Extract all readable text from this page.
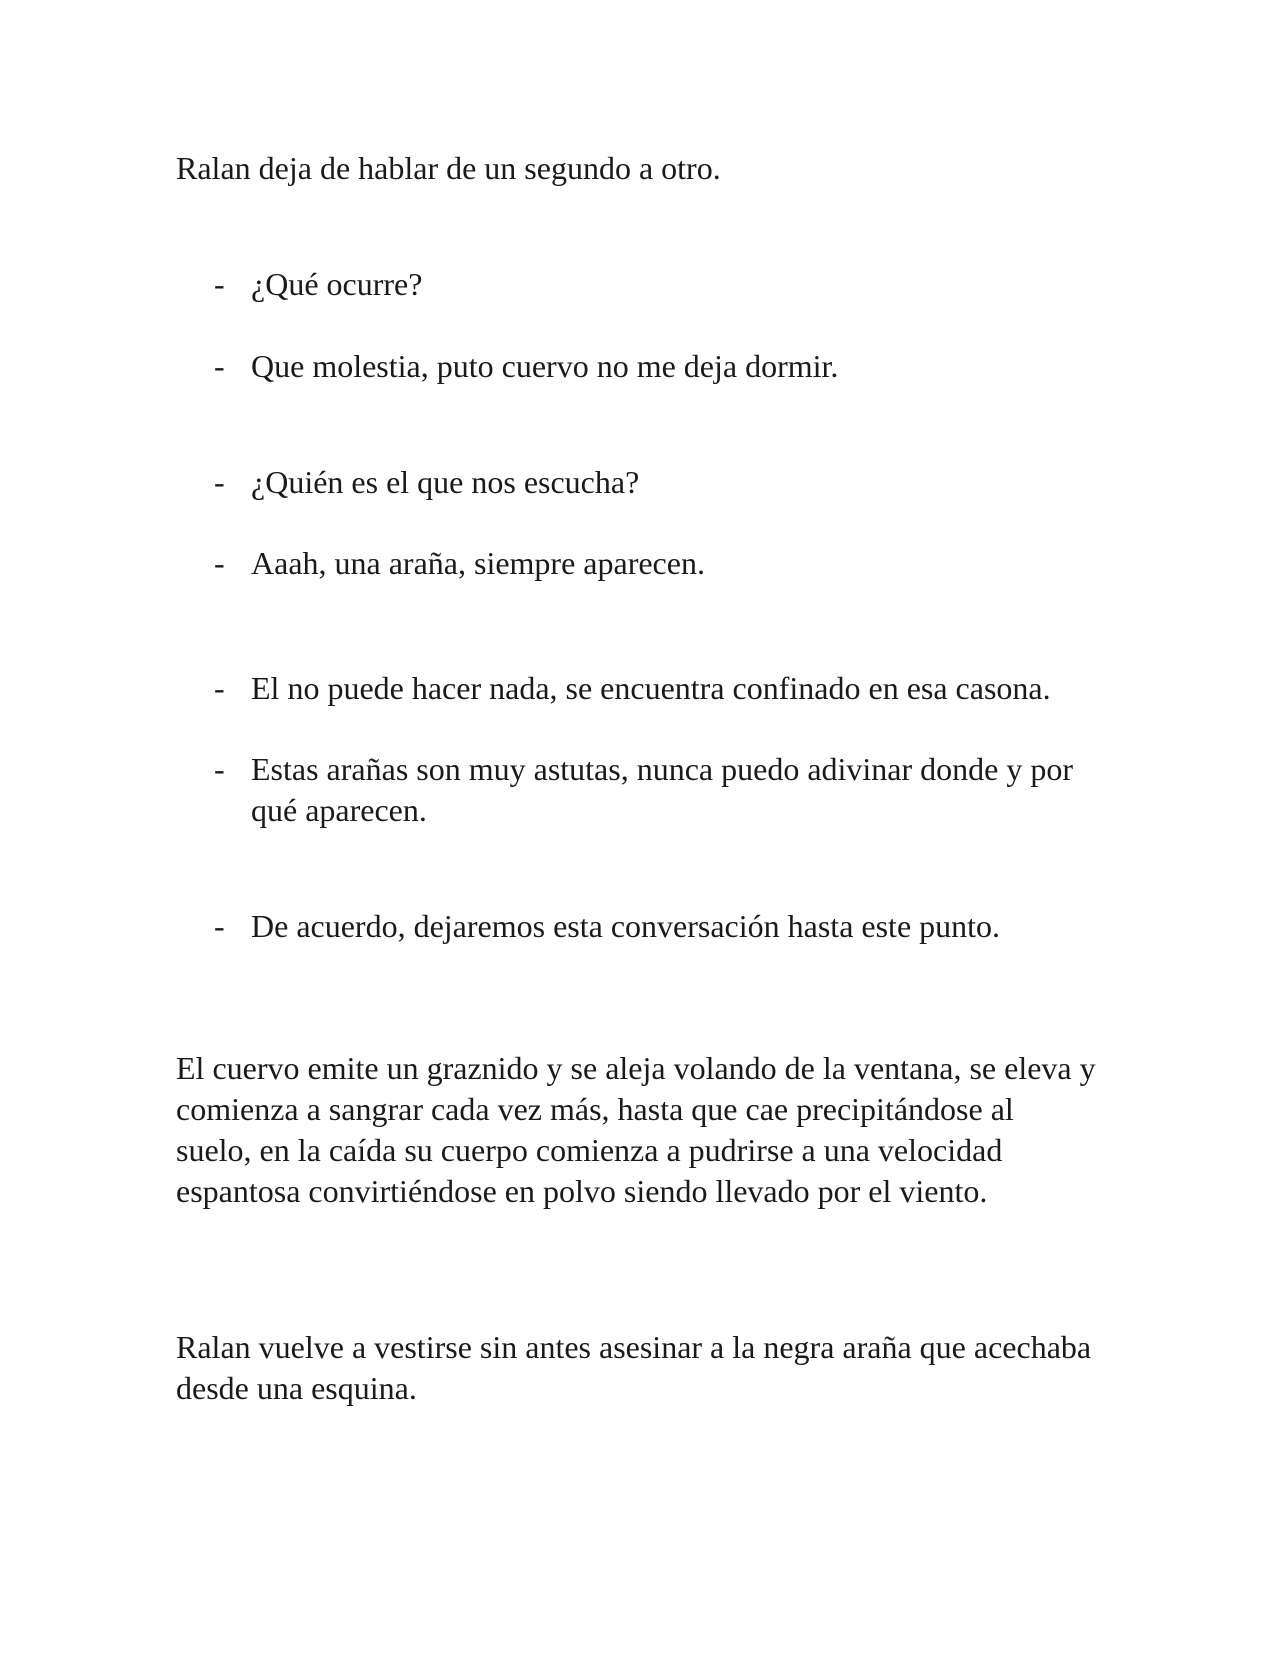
Ralan deja de hablar de un segundo a otro.

- ¿Qué ocurre?

- Que molestia, puto cuervo no me deja dormir.

- ¿Quién es el que nos escucha?

- Aaah, una araña, siempre aparecen.

- El no puede hacer nada, se encuentra confinado en esa casona.

- Estas arañas son muy astutas, nunca puedo adivinar donde y por qué aparecen.

- De acuerdo, dejaremos esta conversación hasta este punto.

El cuervo emite un graznido y se aleja volando de la ventana, se eleva y comienza a sangrar cada vez más, hasta que cae precipitándose al suelo, en la caída su cuerpo comienza a pudrirse a una velocidad espantosa convirtiéndose en polvo siendo llevado por el viento.

Ralan vuelve a vestirse sin antes asesinar a la negra araña que acechaba desde una esquina.
